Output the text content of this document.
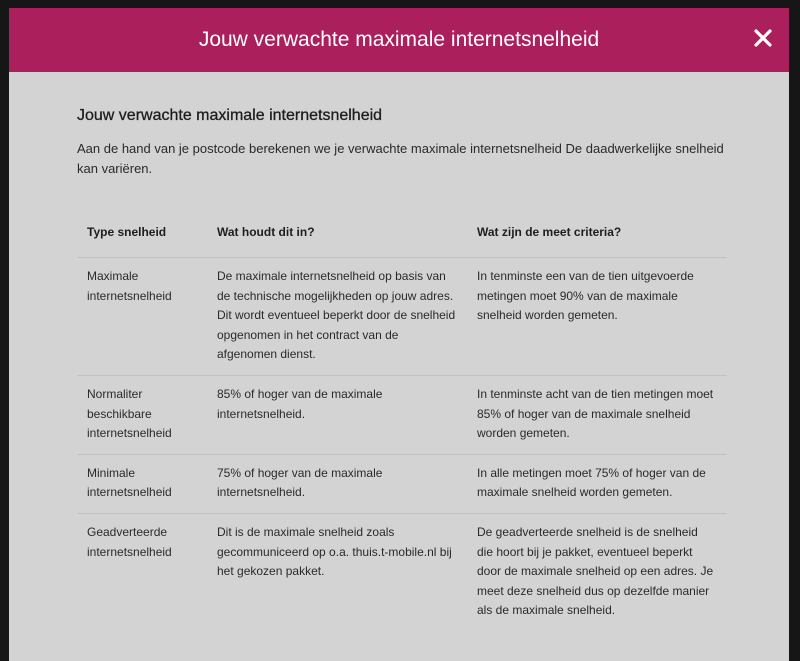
Jouw verwachte maximale internetsnelheid
Jouw verwachte maximale internetsnelheid

Aan de hand van je postcode berekenen we je verwachte maximale internetsnelheid De daadwerkelijke snelheid kan variëren.

Type snelheid	Wat houdt dit in?	Wat zijn de meet criteria?
Maximale internetsnelheid	De maximale internetsnelheid op basis van de technische mogelijkheden op jouw adres. Dit wordt eventueel beperkt door de snelheid opgenomen in het contract van de afgenomen dienst.	In tenminste een van de tien uitgevoerde metingen moet 90% van de maximale snelheid worden gemeten.
Normaliter beschikbare internetsnelheid	85% of hoger van de maximale internetsnelheid.	In tenminste acht van de tien metingen moet 85% of hoger van de maximale snelheid worden gemeten.
Minimale internetsnelheid	75% of hoger van de maximale internetsnelheid.	In alle metingen moet 75% of hoger van de maximale snelheid worden gemeten.
Geadverteerde internetsnelheid	Dit is de maximale snelheid zoals gecommuniceerd op o.a. thuis.t-mobile.nl bij het gekozen pakket.	De geadverteerde snelheid is de snelheid die hoort bij je pakket, eventueel beperkt door de maximale snelheid op een adres. Je meet deze snelheid dus op dezelfde manier als de maximale snelheid.
